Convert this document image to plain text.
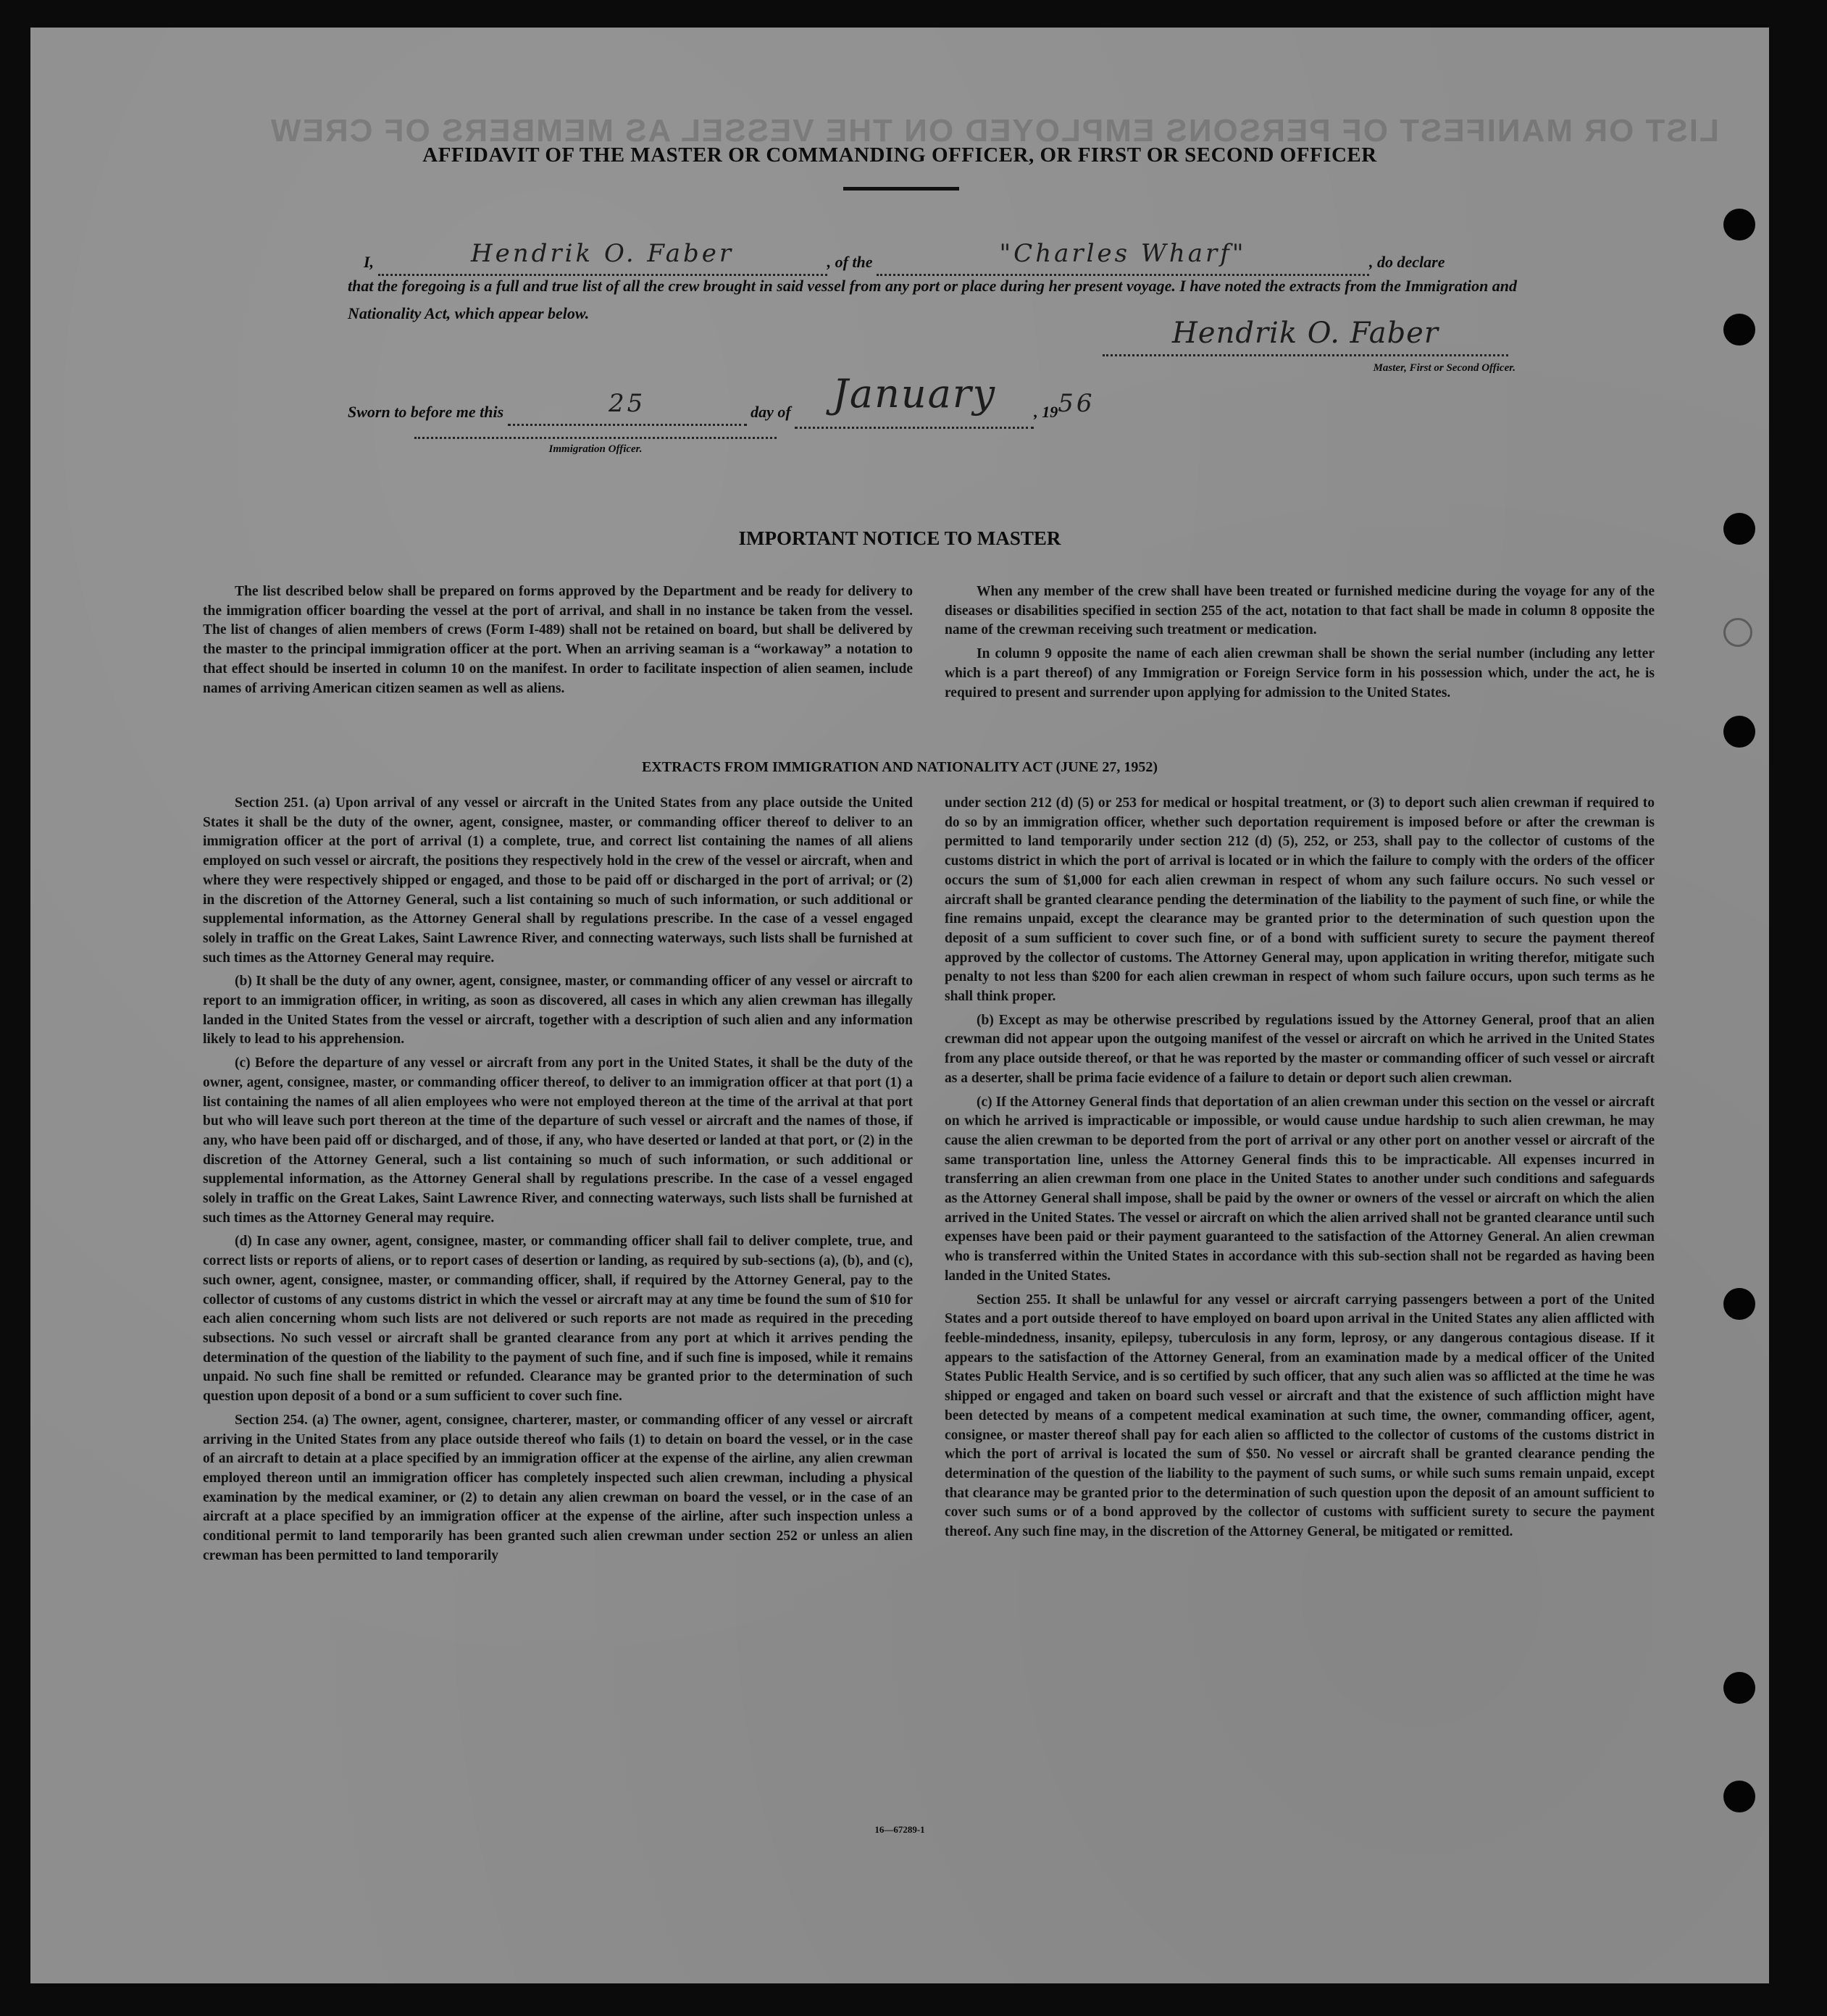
LIST OR MANIFEST OF PERSONS EMPLOYED ON THE VESSEL AS MEMBERS OF CREW
AFFIDAVIT OF THE MASTER OR COMMANDING OFFICER, OR FIRST OR SECOND OFFICER
I,	Hendrik O. Faber	, of the	"Charles Wharf"	, do declare
that the foregoing is a full and true list of all the crew brought in said vessel from any port or place during her present voyage. I have noted the extracts from the Immigration and Nationality Act, which appear below.
Hendrik O. Faber
Master, First or Second Officer.
Sworn to before me this	25	day of January , 1956
Immigration Officer.
IMPORTANT NOTICE TO MASTER

The list described below shall be prepared on forms approved by the Department and be ready for delivery to the immigration officer boarding the vessel at the port of arrival, and shall in no instance be taken from the vessel. The list of changes of alien members of crews (Form I-489) shall not be retained on board, but shall be delivered by the master to the principal immigration officer at the port. When an arriving seaman is a “workaway” a notation to that effect should be inserted in column 10 on the manifest. In order to facilitate inspection of alien seamen, include names of arriving American citizen seamen as well as aliens.

When any member of the crew shall have been treated or furnished medicine during the voyage for any of the diseases or disabilities specified in section 255 of the act, notation to that fact shall be made in column 8 opposite the name of the crewman receiving such treatment or medication.

In column 9 opposite the name of each alien crewman shall be shown the serial number (including any letter which is a part thereof) of any Immigration or Foreign Service form in his possession which, under the act, he is required to present and surrender upon applying for admission to the United States.

EXTRACTS FROM IMMIGRATION AND NATIONALITY ACT (JUNE 27, 1952)

Section 251. (a) Upon arrival of any vessel or aircraft in the United States from any place outside the United States it shall be the duty of the owner, agent, consignee, master, or commanding officer thereof to deliver to an immigration officer at the port of arrival (1) a complete, true, and correct list containing the names of all aliens employed on such vessel or aircraft, the positions they respectively hold in the crew of the vessel or aircraft, when and where they were respectively shipped or engaged, and those to be paid off or discharged in the port of arrival; or (2) in the discretion of the Attorney General, such a list containing so much of such information, or such additional or supplemental information, as the Attorney General shall by regulations prescribe. In the case of a vessel engaged solely in traffic on the Great Lakes, Saint Lawrence River, and connecting waterways, such lists shall be furnished at such times as the Attorney General may require.

(b) It shall be the duty of any owner, agent, consignee, master, or commanding officer of any vessel or aircraft to report to an immigration officer, in writing, as soon as discovered, all cases in which any alien crewman has illegally landed in the United States from the vessel or aircraft, together with a description of such alien and any information likely to lead to his apprehension.

(c) Before the departure of any vessel or aircraft from any port in the United States, it shall be the duty of the owner, agent, consignee, master, or commanding officer thereof, to deliver to an immigration officer at that port (1) a list containing the names of all alien employees who were not employed thereon at the time of the arrival at that port but who will leave such port thereon at the time of the departure of such vessel or aircraft and the names of those, if any, who have been paid off or discharged, and of those, if any, who have deserted or landed at that port, or (2) in the discretion of the Attorney General, such a list containing so much of such information, or such additional or supplemental information, as the Attorney General shall by regulations prescribe. In the case of a vessel engaged solely in traffic on the Great Lakes, Saint Lawrence River, and connecting waterways, such lists shall be furnished at such times as the Attorney General may require.

(d) In case any owner, agent, consignee, master, or commanding officer shall fail to deliver complete, true, and correct lists or reports of aliens, or to report cases of desertion or landing, as required by sub-sections (a), (b), and (c), such owner, agent, consignee, master, or commanding officer, shall, if required by the Attorney General, pay to the collector of customs of any customs district in which the vessel or aircraft may at any time be found the sum of $10 for each alien concerning whom such lists are not delivered or such reports are not made as required in the preceding subsections. No such vessel or aircraft shall be granted clearance from any port at which it arrives pending the determination of the question of the liability to the payment of such fine, and if such fine is imposed, while it remains unpaid. No such fine shall be remitted or refunded. Clearance may be granted prior to the determination of such question upon deposit of a bond or a sum sufficient to cover such fine.

Section 254. (a) The owner, agent, consignee, charterer, master, or commanding officer of any vessel or aircraft arriving in the United States from any place outside thereof who fails (1) to detain on board the vessel, or in the case of an aircraft to detain at a place specified by an immigration officer at the expense of the airline, any alien crewman employed thereon until an immigration officer has completely inspected such alien crewman, including a physical examination by the medical examiner, or (2) to detain any alien crewman on board the vessel, or in the case of an aircraft at a place specified by an immigration officer at the expense of the airline, after such inspection unless a conditional permit to land temporarily has been granted such alien crewman under section 252 or unless an alien crewman has been permitted to land temporarily

under section 212 (d) (5) or 253 for medical or hospital treatment, or (3) to deport such alien crewman if required to do so by an immigration officer, whether such deportation requirement is imposed before or after the crewman is permitted to land temporarily under section 212 (d) (5), 252, or 253, shall pay to the collector of customs of the customs district in which the port of arrival is located or in which the failure to comply with the orders of the officer occurs the sum of $1,000 for each alien crewman in respect of whom any such failure occurs. No such vessel or aircraft shall be granted clearance pending the determination of the liability to the payment of such fine, or while the fine remains unpaid, except the clearance may be granted prior to the determination of such question upon the deposit of a sum sufficient to cover such fine, or of a bond with sufficient surety to secure the payment thereof approved by the collector of customs. The Attorney General may, upon application in writing therefor, mitigate such penalty to not less than $200 for each alien crewman in respect of whom such failure occurs, upon such terms as he shall think proper.

(b) Except as may be otherwise prescribed by regulations issued by the Attorney General, proof that an alien crewman did not appear upon the outgoing manifest of the vessel or aircraft on which he arrived in the United States from any place outside thereof, or that he was reported by the master or commanding officer of such vessel or aircraft as a deserter, shall be prima facie evidence of a failure to detain or deport such alien crewman.

(c) If the Attorney General finds that deportation of an alien crewman under this section on the vessel or aircraft on which he arrived is impracticable or impossible, or would cause undue hardship to such alien crewman, he may cause the alien crewman to be deported from the port of arrival or any other port on another vessel or aircraft of the same transportation line, unless the Attorney General finds this to be impracticable. All expenses incurred in transferring an alien crewman from one place in the United States to another under such conditions and safeguards as the Attorney General shall impose, shall be paid by the owner or owners of the vessel or aircraft on which the alien arrived in the United States. The vessel or aircraft on which the alien arrived shall not be granted clearance until such expenses have been paid or their payment guaranteed to the satisfaction of the Attorney General. An alien crewman who is transferred within the United States in accordance with this sub-section shall not be regarded as having been landed in the United States.

Section 255. It shall be unlawful for any vessel or aircraft carrying passengers between a port of the United States and a port outside thereof to have employed on board upon arrival in the United States any alien afflicted with feeble-mindedness, insanity, epilepsy, tuberculosis in any form, leprosy, or any dangerous contagious disease. If it appears to the satisfaction of the Attorney General, from an examination made by a medical officer of the United States Public Health Service, and is so certified by such officer, that any such alien was so afflicted at the time he was shipped or engaged and taken on board such vessel or aircraft and that the existence of such affliction might have been detected by means of a competent medical examination at such time, the owner, commanding officer, agent, consignee, or master thereof shall pay for each alien so afflicted to the collector of customs of the customs district in which the port of arrival is located the sum of $50. No vessel or aircraft shall be granted clearance pending the determination of the question of the liability to the payment of such sums, or while such sums remain unpaid, except that clearance may be granted prior to the determination of such question upon the deposit of an amount sufficient to cover such sums or of a bond approved by the collector of customs with sufficient surety to secure the payment thereof. Any such fine may, in the discretion of the Attorney General, be mitigated or remitted.

16—67289-1
